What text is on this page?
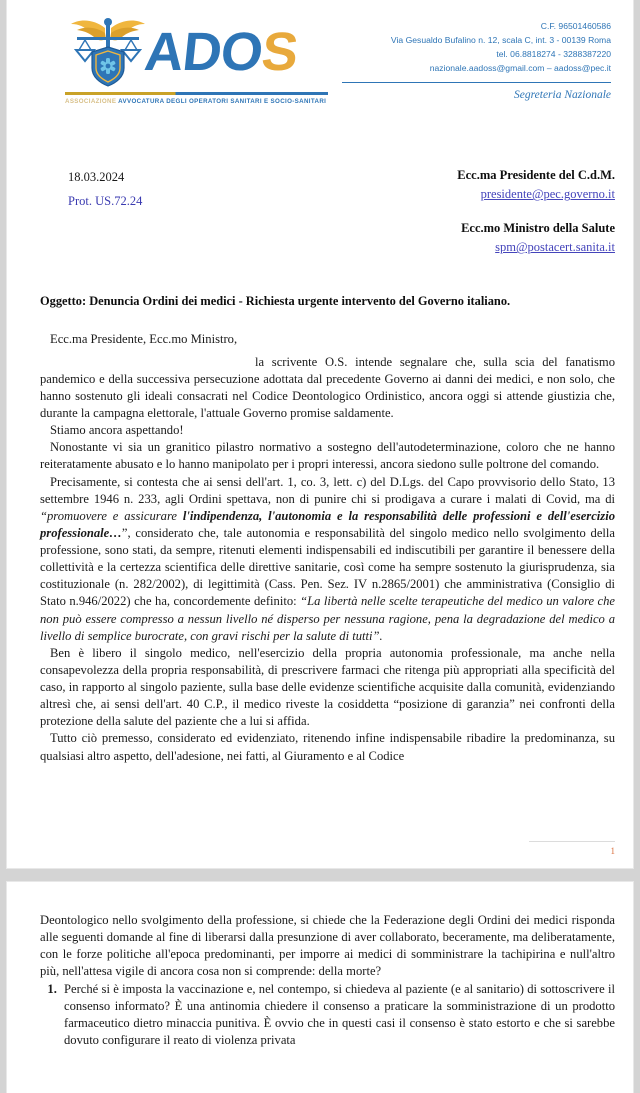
ADOS
ASSOCIAZIONE AVVOCATURA DEGLI OPERATORI SANITARI E SOCIO-SANITARI
C.F. 96501460586
Via Gesualdo Bufalino n. 12, scala C, int. 3 - 00139 Roma
tel. 06.8818274 - 3288387220
nazionale.aadoss@gmail.com – aadoss@pec.it
Segreteria Nazionale
18.03.2024
Prot. US.72.24
Ecc.ma Presidente del C.d.M.
presidente@pec.governo.it
Ecc.mo Ministro della Salute
spm@postacert.sanita.it
Oggetto: Denuncia Ordini dei medici - Richiesta urgente intervento del Governo italiano.

Ecc.ma Presidente, Ecc.mo Ministro,

la scrivente O.S. intende segnalare che, sulla scia del fanatismo pandemico e della successiva persecuzione adottata dal precedente Governo ai danni dei medici, e non solo, che hanno sostenuto gli ideali consacrati nel Codice Deontologico Ordinistico, ancora oggi si attende giustizia che, durante la campagna elettorale, l'attuale Governo promise saldamente.

Stiamo ancora aspettando!

Nonostante vi sia un granitico pilastro normativo a sostegno dell'autodeterminazione, coloro che ne hanno reiteratamente abusato e lo hanno manipolato per i propri interessi, ancora siedono sulle poltrone del comando.

Precisamente, si contesta che ai sensi dell'art. 1, co. 3, lett. c) del D.Lgs. del Capo provvisorio dello Stato, 13 settembre 1946 n. 233, agli Ordini spettava, non di punire chi si prodigava a curare i malati di Covid, ma di “promuovere e assicurare l'indipendenza, l'autonomia e la responsabilità delle professioni e dell'esercizio professionale…”, considerato che, tale autonomia e responsabilità del singolo medico nello svolgimento della professione, sono stati, da sempre, ritenuti elementi indispensabili ed indiscutibili per garantire il benessere della collettività e la certezza scientifica delle direttive sanitarie, così come ha sempre sostenuto la giurisprudenza, sia costituzionale (n. 282/2002), di legittimità (Cass. Pen. Sez. IV n.2865/2001) che amministrativa (Consiglio di Stato n.946/2022) che ha, concordemente definito: “La libertà nelle scelte terapeutiche del medico un valore che non può essere compresso a nessun livello né disperso per nessuna ragione, pena la degradazione del medico a livello di semplice burocrate, con gravi rischi per la salute di tutti”.

Ben è libero il singolo medico, nell'esercizio della propria autonomia professionale, ma anche nella consapevolezza della propria responsabilità, di prescrivere farmaci che ritenga più appropriati alla specificità del caso, in rapporto al singolo paziente, sulla base delle evidenze scientifiche acquisite dalla comunità, evidenziando altresì che, ai sensi dell'art. 40 C.P., il medico riveste la cosiddetta “posizione di garanzia” nei confronti della protezione della salute del paziente che a lui si affida.

Tutto ciò premesso, considerato ed evidenziato, ritenendo infine indispensabile ribadire la predominanza, su qualsiasi altro aspetto, dell'adesione, nei fatti, al Giuramento e al Codice

1

Deontologico nello svolgimento della professione, si chiede che la Federazione degli Ordini dei medici risponda alle seguenti domande al fine di liberarsi dalla presunzione di aver collaborato, beceramente, ma deliberatamente, con le forze politiche all'epoca predominanti, per imporre ai medici di somministrare la tachipirina e null'altro più, nell'attesa vigile di ancora cosa non si comprende: della morte?

1. Perché si è imposta la vaccinazione e, nel contempo, si chiedeva al paziente (e al sanitario) di sottoscrivere il consenso informato? È una antinomia chiedere il consenso a praticare la somministrazione di un prodotto farmaceutico dietro minaccia punitiva. È ovvio che in questi casi il consenso è stato estorto e che si sarebbe dovuto configurare il reato di violenza privata
